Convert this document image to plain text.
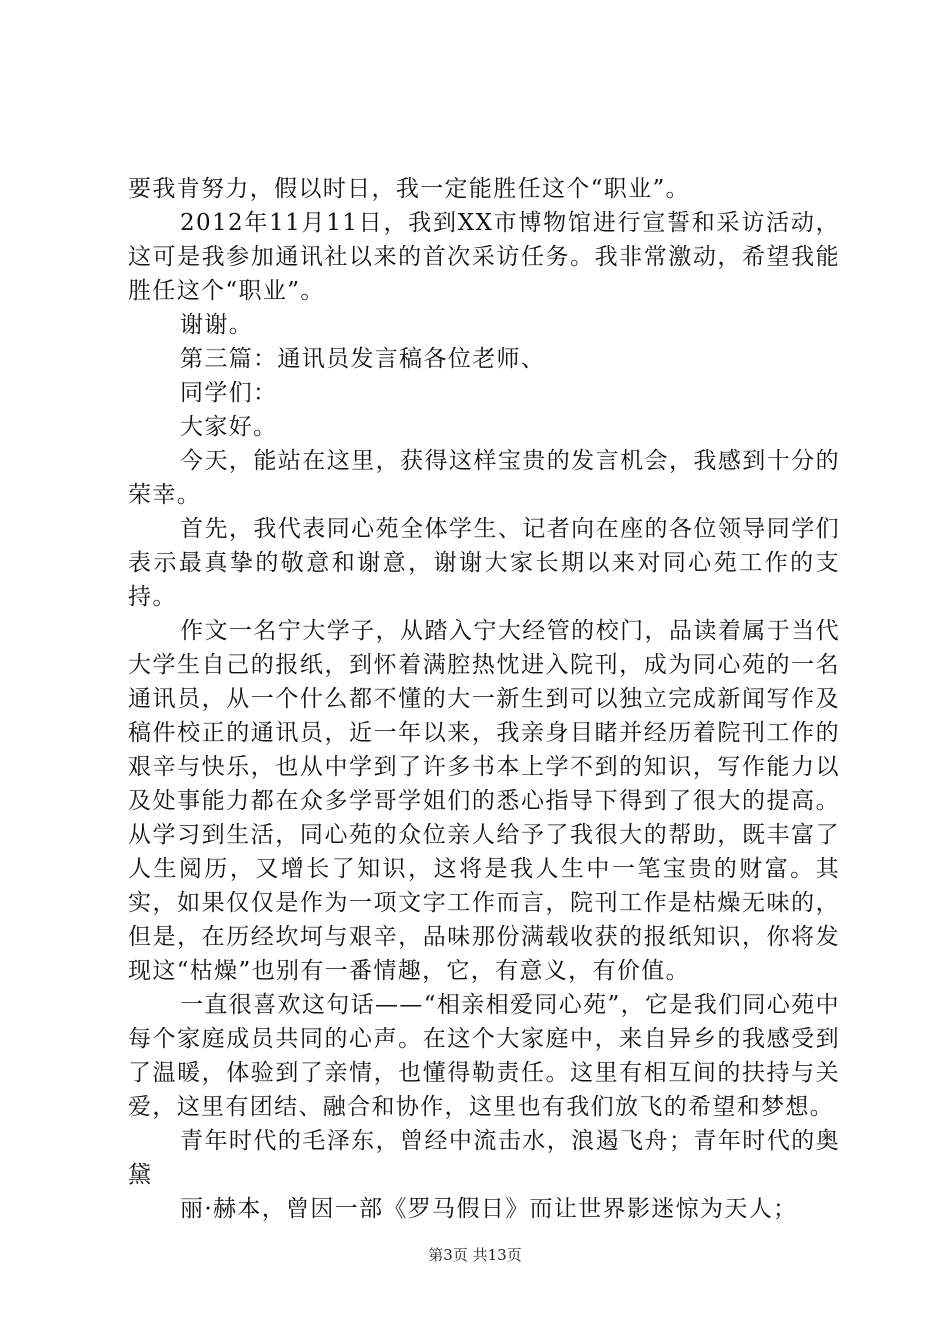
要我肯努力，假以时日，我一定能胜任这个“职业”。

2012年11月11日，我到XX市博物馆进行宣誓和采访活动，这可是我参加通讯社以来的首次采访任务。我非常激动，希望我能胜任这个“职业”。

谢谢。

第三篇：通讯员发言稿各位老师、

同学们：

大家好。

今天，能站在这里，获得这样宝贵的发言机会，我感到十分的荣幸。

首先，我代表同心苑全体学生、记者向在座的各位领导同学们表示最真挚的敬意和谢意，谢谢大家长期以来对同心苑工作的支持。

作文一名宁大学子，从踏入宁大经管的校门，品读着属于当代大学生自己的报纸，到怀着满腔热忱进入院刊，成为同心苑的一名通讯员，从一个什么都不懂的大一新生到可以独立完成新闻写作及稿件校正的通讯员，近一年以来，我亲身目睹并经历着院刊工作的艰辛与快乐，也从中学到了许多书本上学不到的知识，写作能力以及处事能力都在众多学哥学姐们的悉心指导下得到了很大的提高。从学习到生活，同心苑的众位亲人给予了我很大的帮助，既丰富了人生阅历，又增长了知识，这将是我人生中一笔宝贵的财富。其实，如果仅仅是作为一项文字工作而言，院刊工作是枯燥无味的，但是，在历经坎坷与艰辛，品味那份满载收获的报纸知识，你将发现这“枯燥”也别有一番情趣，它，有意义，有价值。

一直很喜欢这句话——“相亲相爱同心苑”，它是我们同心苑中每个家庭成员共同的心声。在这个大家庭中，来自异乡的我感受到了温暖，体验到了亲情，也懂得勒责任。这里有相互间的扶持与关爱，这里有团结、融合和协作，这里也有我们放飞的希望和梦想。

青年时代的毛泽东，曾经中流击水，浪遏飞舟；青年时代的奥黛

丽·赫本，曾因一部《罗马假日》而让世界影迷惊为天人；

第3页 共13页
